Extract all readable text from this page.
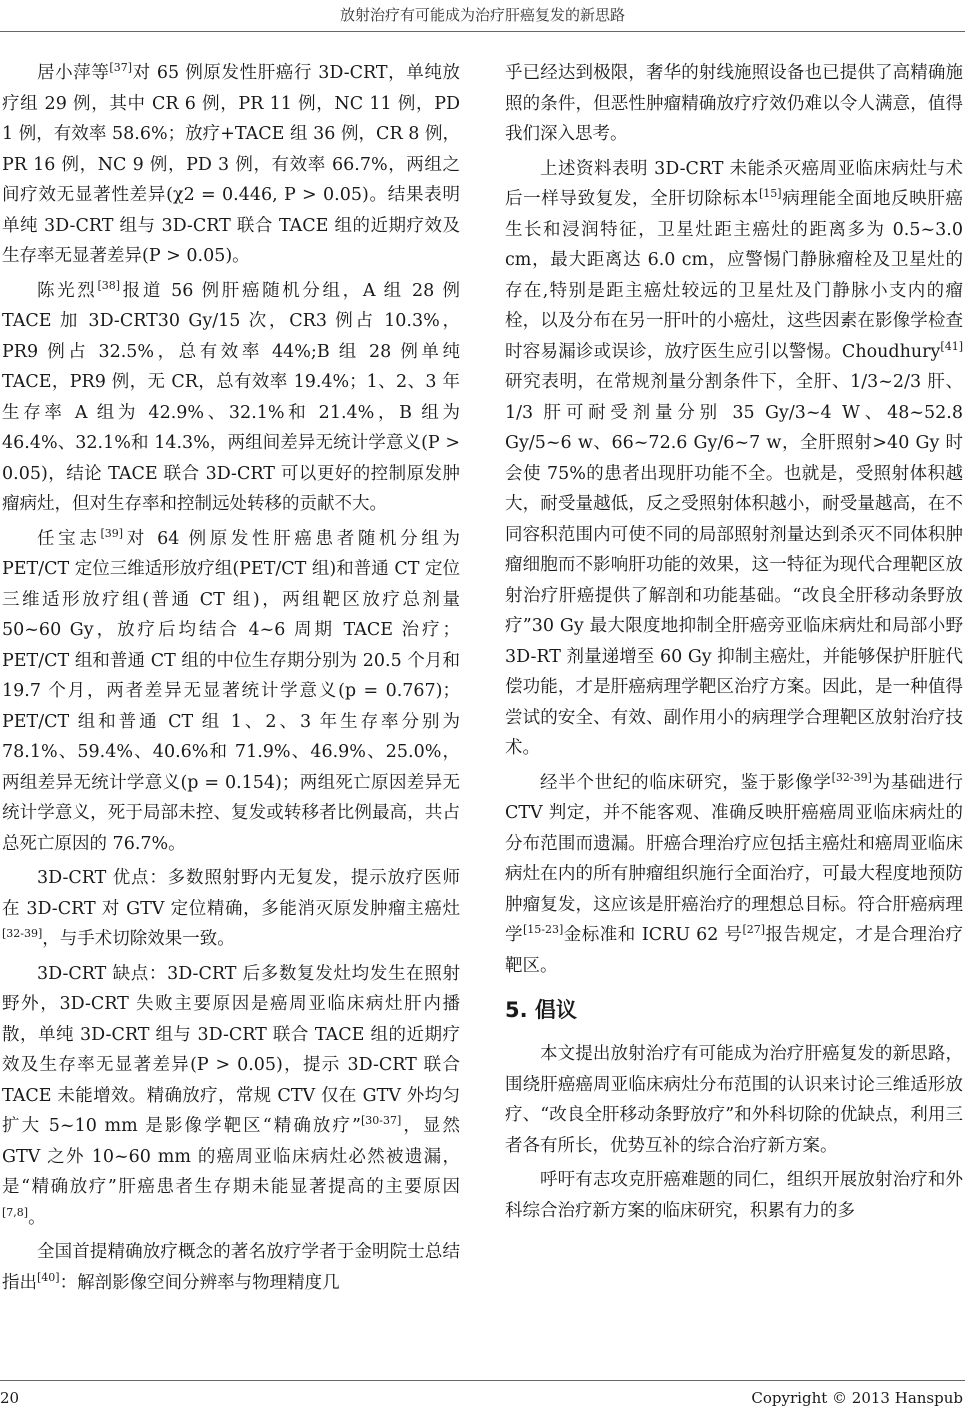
放射治疗有可能成为治疗肝癌复发的新思路

居小萍等[37]对 65 例原发性肝癌行 3D-CRT，单纯放疗组 29 例，其中 CR 6 例，PR 11 例，NC 11 例，PD 1 例，有效率 58.6%；放疗+TACE 组 36 例，CR 8 例，PR 16 例，NC 9 例，PD 3 例，有效率 66.7%，两组之间疗效无显著性差异(χ2 = 0.446, P > 0.05)。结果表明单纯 3D-CRT 组与 3D-CRT 联合 TACE 组的近期疗效及生存率无显著差异(P > 0.05)。

陈光烈[38]报道 56 例肝癌随机分组，A 组 28 例 TACE 加 3D-CRT30 Gy/15 次，CR3 例占 10.3%，PR9 例占 32.5%，总有效率 44%;B 组 28 例单纯 TACE，PR9 例，无 CR，总有效率 19.4%；1、2、3 年生存率 A 组为 42.9%、32.1%和 21.4%，B 组为 46.4%、32.1%和 14.3%，两组间差异无统计学意义(P > 0.05)，结论 TACE 联合 3D-CRT 可以更好的控制原发肿瘤病灶，但对生存率和控制远处转移的贡献不大。

任宝志[39]对 64 例原发性肝癌患者随机分组为 PET/CT 定位三维适形放疗组(PET/CT 组)和普通 CT 定位三维适形放疗组(普通 CT 组)，两组靶区放疗总剂量 50~60 Gy，放疗后均结合 4~6 周期 TACE 治疗；PET/CT 组和普通 CT 组的中位生存期分别为 20.5 个月和 19.7 个月，两者差异无显著统计学意义(p = 0.767)；PET/CT 组和普通 CT 组 1、2、3 年生存率分别为 78.1%、59.4%、40.6%和 71.9%、46.9%、25.0%，两组差异无统计学意义(p = 0.154)；两组死亡原因差异无统计学意义，死于局部未控、复发或转移者比例最高，共占总死亡原因的 76.7%。

3D-CRT 优点：多数照射野内无复发，提示放疗医师在 3D-CRT 对 GTV 定位精确，多能消灭原发肿瘤主癌灶[32-39]，与手术切除效果一致。

3D-CRT 缺点：3D-CRT 后多数复发灶均发生在照射野外，3D-CRT 失败主要原因是癌周亚临床病灶肝内播散，单纯 3D-CRT 组与 3D-CRT 联合 TACE 组的近期疗效及生存率无显著差异(P > 0.05)，提示 3D-CRT 联合 TACE 未能增效。精确放疗，常规 CTV 仅在 GTV 外均匀扩大 5~10 mm 是影像学靶区“精确放疗”[30-37]，显然 GTV 之外 10~60 mm 的癌周亚临床病灶必然被遗漏，是“精确放疗”肝癌患者生存期未能显著提高的主要原因[7,8]。

全国首提精确放疗概念的著名放疗学者于金明院士总结指出[40]：解剖影像空间分辨率与物理精度几

乎已经达到极限，奢华的射线施照设备也已提供了高精确施照的条件，但恶性肿瘤精确放疗疗效仍难以令人满意，值得我们深入思考。

上述资料表明 3D-CRT 未能杀灭癌周亚临床病灶与术后一样导致复发，全肝切除标本[15]病理能全面地反映肝癌生长和浸润特征，卫星灶距主癌灶的距离多为 0.5~3.0 cm，最大距离达 6.0 cm，应警惕门静脉瘤栓及卫星灶的存在,特别是距主癌灶较远的卫星灶及门静脉小支内的瘤栓，以及分布在另一肝叶的小癌灶，这些因素在影像学检查时容易漏诊或误诊，放疗医生应引以警惕。Choudhury[41]研究表明，在常规剂量分割条件下，全肝、1/3~2/3 肝、1/3 肝可耐受剂量分别 35 Gy/3~4 W、48~52.8 Gy/5~6 w、66~72.6 Gy/6~7 w，全肝照射>40 Gy 时会使 75%的患者出现肝功能不全。也就是，受照射体积越大，耐受量越低，反之受照射体积越小，耐受量越高，在不同容积范围内可使不同的局部照射剂量达到杀灭不同体积肿瘤细胞而不影响肝功能的效果，这一特征为现代合理靶区放射治疗肝癌提供了解剖和功能基础。“改良全肝移动条野放疗”30 Gy 最大限度地抑制全肝癌旁亚临床病灶和局部小野 3D-RT 剂量递增至 60 Gy 抑制主癌灶，并能够保护肝脏代偿功能，才是肝癌病理学靶区治疗方案。因此，是一种值得尝试的安全、有效、副作用小的病理学合理靶区放射治疗技术。

经半个世纪的临床研究，鉴于影像学[32-39]为基础进行 CTV 判定，并不能客观、准确反映肝癌癌周亚临床病灶的分布范围而遗漏。肝癌合理治疗应包括主癌灶和癌周亚临床病灶在内的所有肿瘤组织施行全面治疗，可最大程度地预防肿瘤复发，这应该是肝癌治疗的理想总目标。符合肝癌病理学[15-23]金标准和 ICRU 62 号[27]报告规定，才是合理治疗靶区。

5. 倡议

本文提出放射治疗有可能成为治疗肝癌复发的新思路，围绕肝癌癌周亚临床病灶分布范围的认识来讨论三维适形放疗、“改良全肝移动条野放疗”和外科切除的优缺点，利用三者各有所长，优势互补的综合治疗新方案。

呼吁有志攻克肝癌难题的同仁，组织开展放射治疗和外科综合治疗新方案的临床研究，积累有力的多

20	Copyright © 2013 Hanspub
